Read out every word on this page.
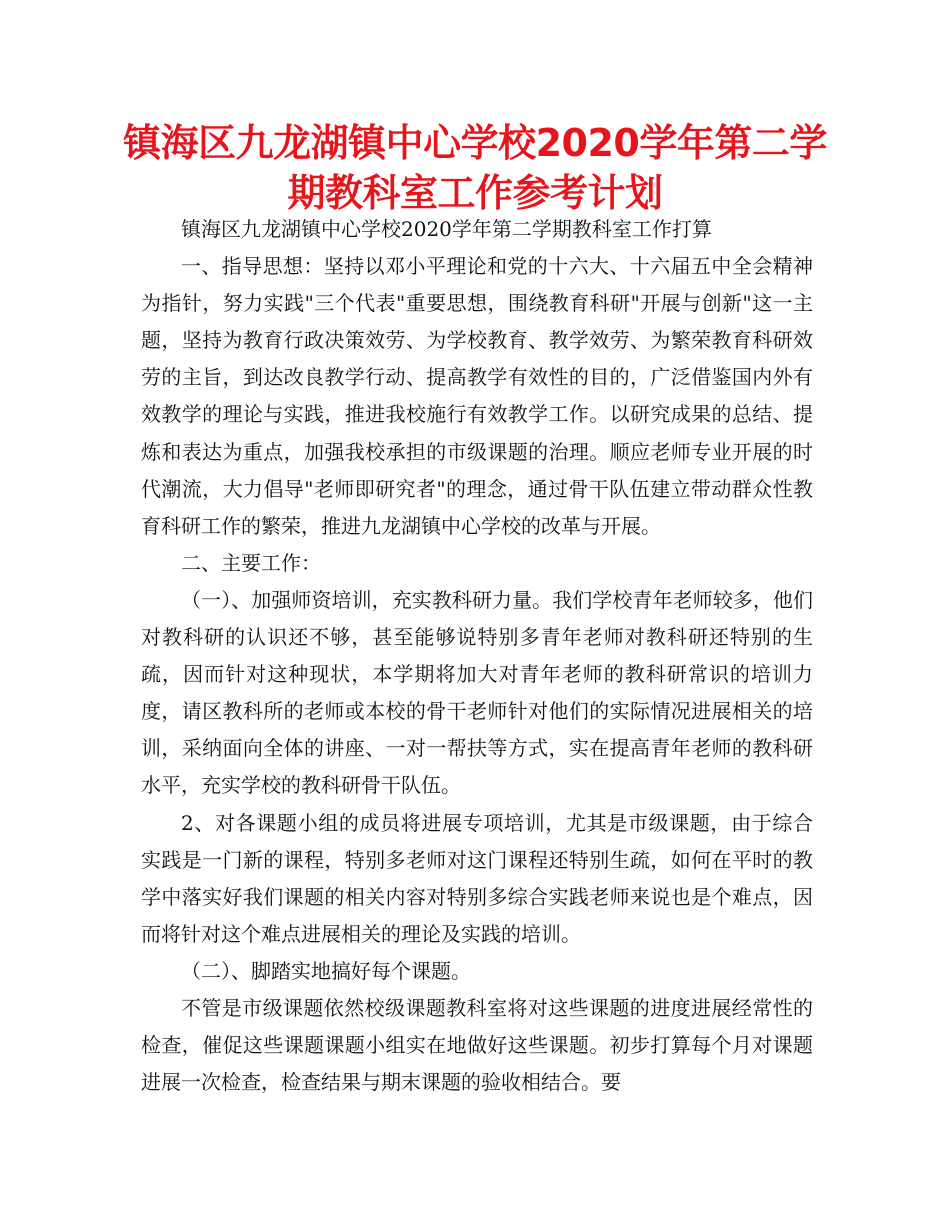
镇海区九龙湖镇中心学校2020学年第二学期教科室工作参考计划

镇海区九龙湖镇中心学校2020学年第二学期教科室工作打算

一、指导思想：坚持以邓小平理论和党的十六大、十六届五中全会精神为指针，努力实践"三个代表"重要思想，围绕教育科研"开展与创新"这一主题，坚持为教育行政决策效劳、为学校教育、教学效劳、为繁荣教育科研效劳的主旨，到达改良教学行动、提高教学有效性的目的，广泛借鉴国内外有效教学的理论与实践，推进我校施行有效教学工作。以研究成果的总结、提炼和表达为重点，加强我校承担的市级课题的治理。顺应老师专业开展的时代潮流，大力倡导"老师即研究者"的理念，通过骨干队伍建立带动群众性教育科研工作的繁荣，推进九龙湖镇中心学校的改革与开展。

二、主要工作：

（一）、加强师资培训，充实教科研力量。我们学校青年老师较多，他们对教科研的认识还不够，甚至能够说特别多青年老师对教科研还特别的生疏，因而针对这种现状，本学期将加大对青年老师的教科研常识的培训力度，请区教科所的老师或本校的骨干老师针对他们的实际情况进展相关的培训，采纳面向全体的讲座、一对一帮扶等方式，实在提高青年老师的教科研水平，充实学校的教科研骨干队伍。

2、对各课题小组的成员将进展专项培训，尤其是市级课题，由于综合实践是一门新的课程，特别多老师对这门课程还特别生疏，如何在平时的教学中落实好我们课题的相关内容对特别多综合实践老师来说也是个难点，因而将针对这个难点进展相关的理论及实践的培训。

（二）、脚踏实地搞好每个课题。

不管是市级课题依然校级课题教科室将对这些课题的进度进展经常性的检查，催促这些课题课题小组实在地做好这些课题。初步打算每个月对课题进展一次检查，检查结果与期末课题的验收相结合。要
